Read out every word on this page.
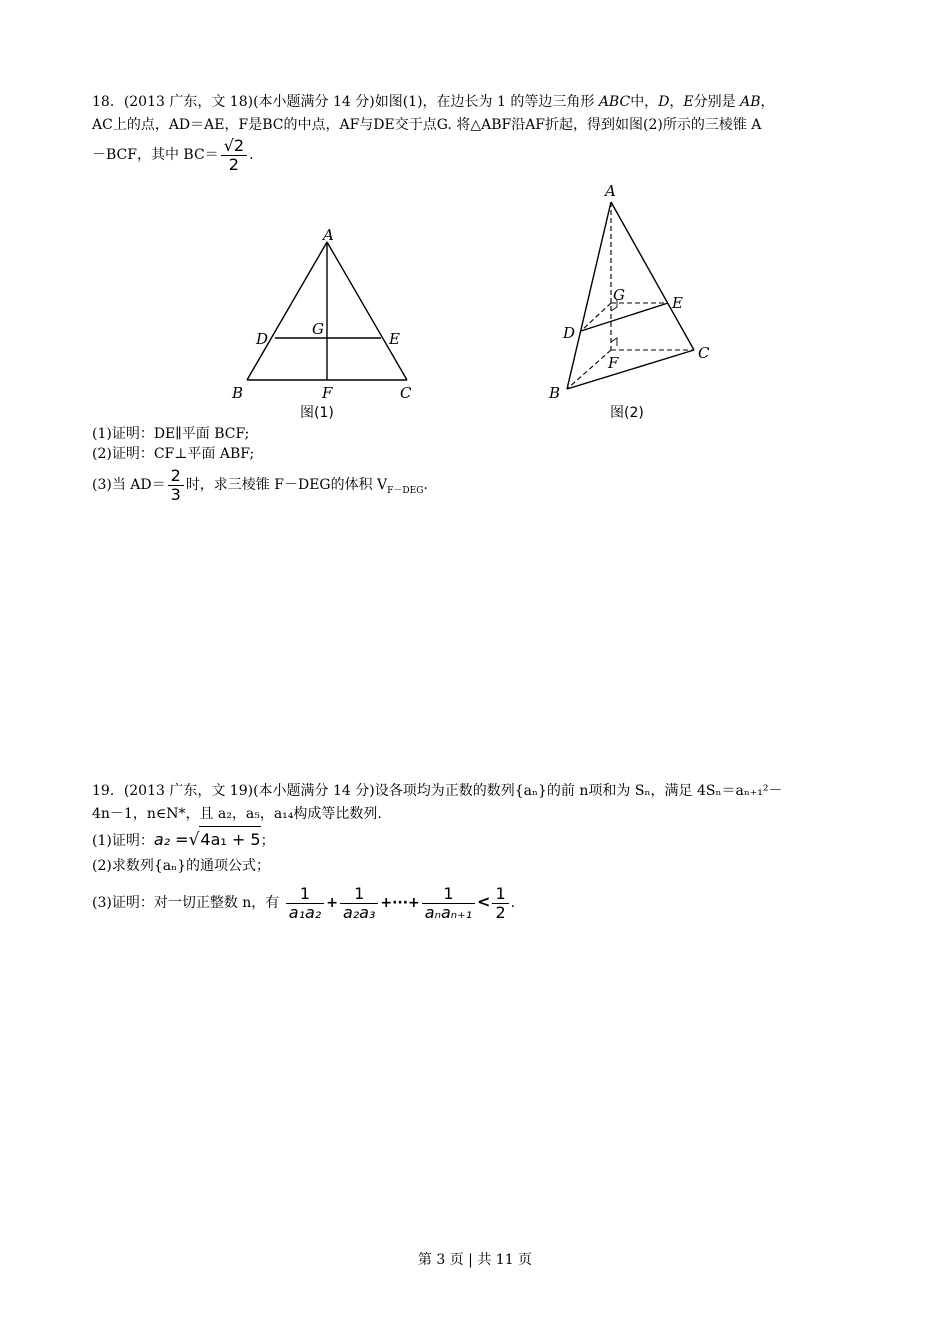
18．(2013 广东，文 18)(本小题满分 14 分)如图(1)，在边长为 1 的等边三角形 ABC中，D，E分别是 AB，
AC上的点，AD＝AE，F是BC的中点，AF与DE交于点G. 将△ABF沿AF折起，得到如图(2)所示的三棱锥 A
－BCF，其中 $BC= \frac{√2}{2}$ .
A
B	C
D	E
F
G
图(1)
A
B
C
D
E
F
G
图(2)
(1)证明：DE∥平面 BCF;
(2)证明：CF⊥平面 ABF;
(3)当 $AD= \frac{2}{3}$ 时，求三棱锥 F－DEG的体积 $V_{F-DEG}$.
19．(2013 广东，文 19)(本小题满分 14 分)设各项均为正数的数列{aₙ}的前 n项和为 Sₙ，满足 4Sₙ＝aₙ₊₁²－
4n－1，n∈N*，且 a₂，a₅，a₁₄构成等比数列.
(1)证明：a₂ =√4a₁ + 5；
(2)求数列{aₙ}的通项公式；
(3)证明：对一切正整数 n，有 $\frac{1}{\text{a₁a₂}} + \frac{1}{\text{a₂a₃}}$ +···+ $\frac{1}{\text{aₙaₙ₊₁}} < \frac{1}{2}$ .
第 3 页 | 共 11 页
